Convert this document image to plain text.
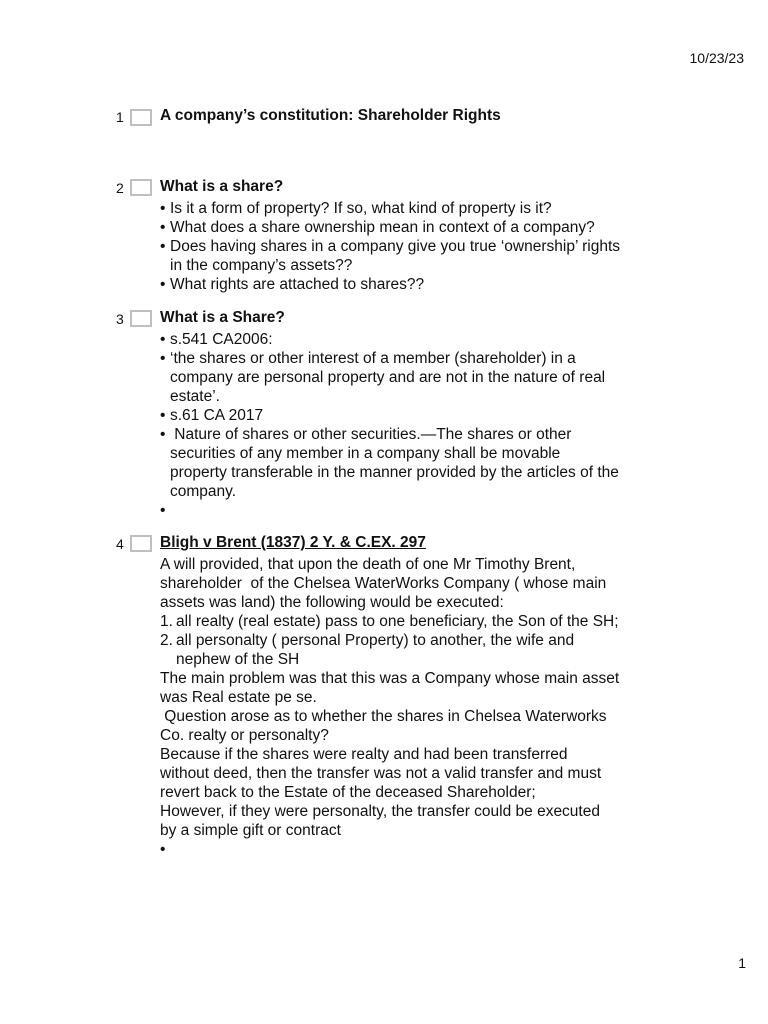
10/23/23
1 A company’s constitution: Shareholder Rights
2 What is a share?
• Is it a form of property? If so, what kind of property is it?
• What does a share ownership mean in context of a company?
• Does having shares in a company give you true ‘ownership’ rights
in the company’s assets??
• What rights are attached to shares??
3 What is a Share?
• s.541 CA2006:
• ‘the shares or other interest of a member (shareholder) in a
company are personal property and are not in the nature of real
estate’.
• s.61 CA 2017
• Nature of shares or other securities.—The shares or other
securities of any member in a company shall be movable
property transferable in the manner provided by the articles of the
company.
•
4 Bligh v Brent (1837) 2 Y. & C.EX. 297
A will provided, that upon the death of one Mr Timothy Brent,
shareholder  of the Chelsea WaterWorks Company ( whose main
assets was land) the following would be executed:
1. all realty (real estate) pass to one beneficiary, the Son of the SH;
2. all personalty ( personal Property) to another, the wife and
nephew of the SH
The main problem was that this was a Company whose main asset
was Real estate pe se.
Question arose as to whether the shares in Chelsea Waterworks
Co. realty or personalty?
Because if the shares were realty and had been transferred
without deed, then the transfer was not a valid transfer and must
revert back to the Estate of the deceased Shareholder;
However, if they were personalty, the transfer could be executed
by a simple gift or contract
•
1
